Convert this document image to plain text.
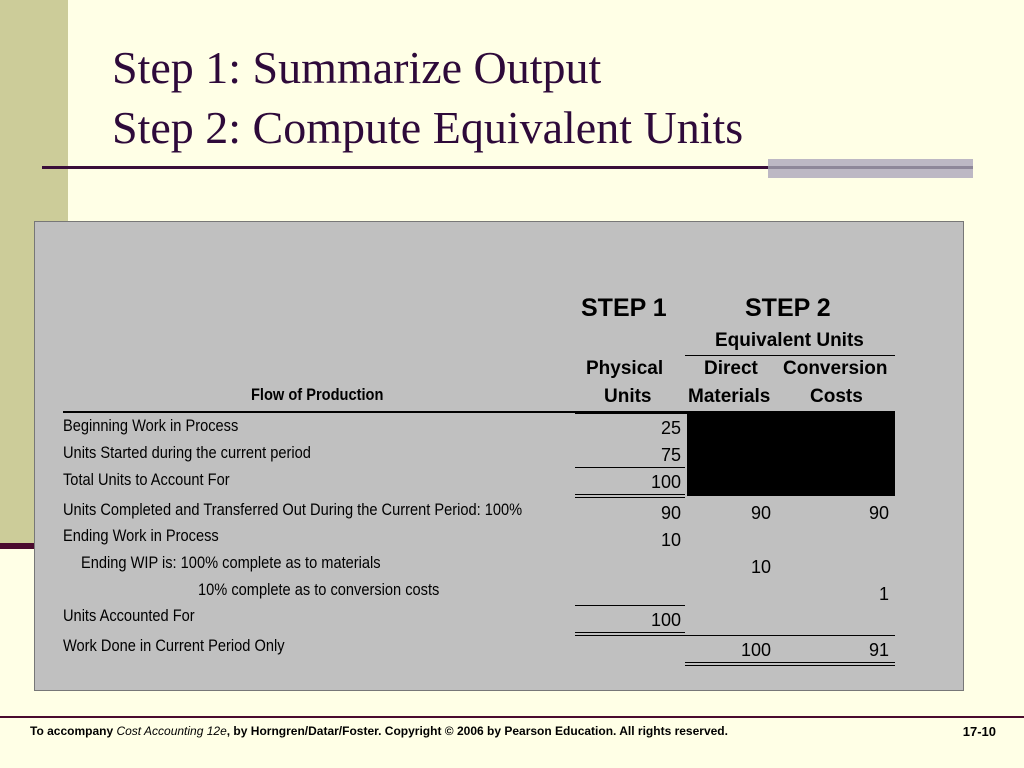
Step 1: Summarize Output
Step 2: Compute Equivalent Units
STEP 1	STEP 2
Equivalent Units
Physical
Units
Direct
Materials
Conversion
Costs
Flow of Production
Beginning Work in Process
Units Started during the current period
Total Units to Account For
Units Completed and Transferred Out During the Current Period: 100%
Ending Work in Process
Ending WIP is: 100% complete as to materials
10% complete as to conversion costs
Units Accounted For
Work Done in Current Period Only
25
75
100
90
10
100
90
10
100
90
1
91
To accompany Cost Accounting 12e, by Horngren/Datar/Foster. Copyright © 2006 by Pearson Education. All rights reserved.	17-10
